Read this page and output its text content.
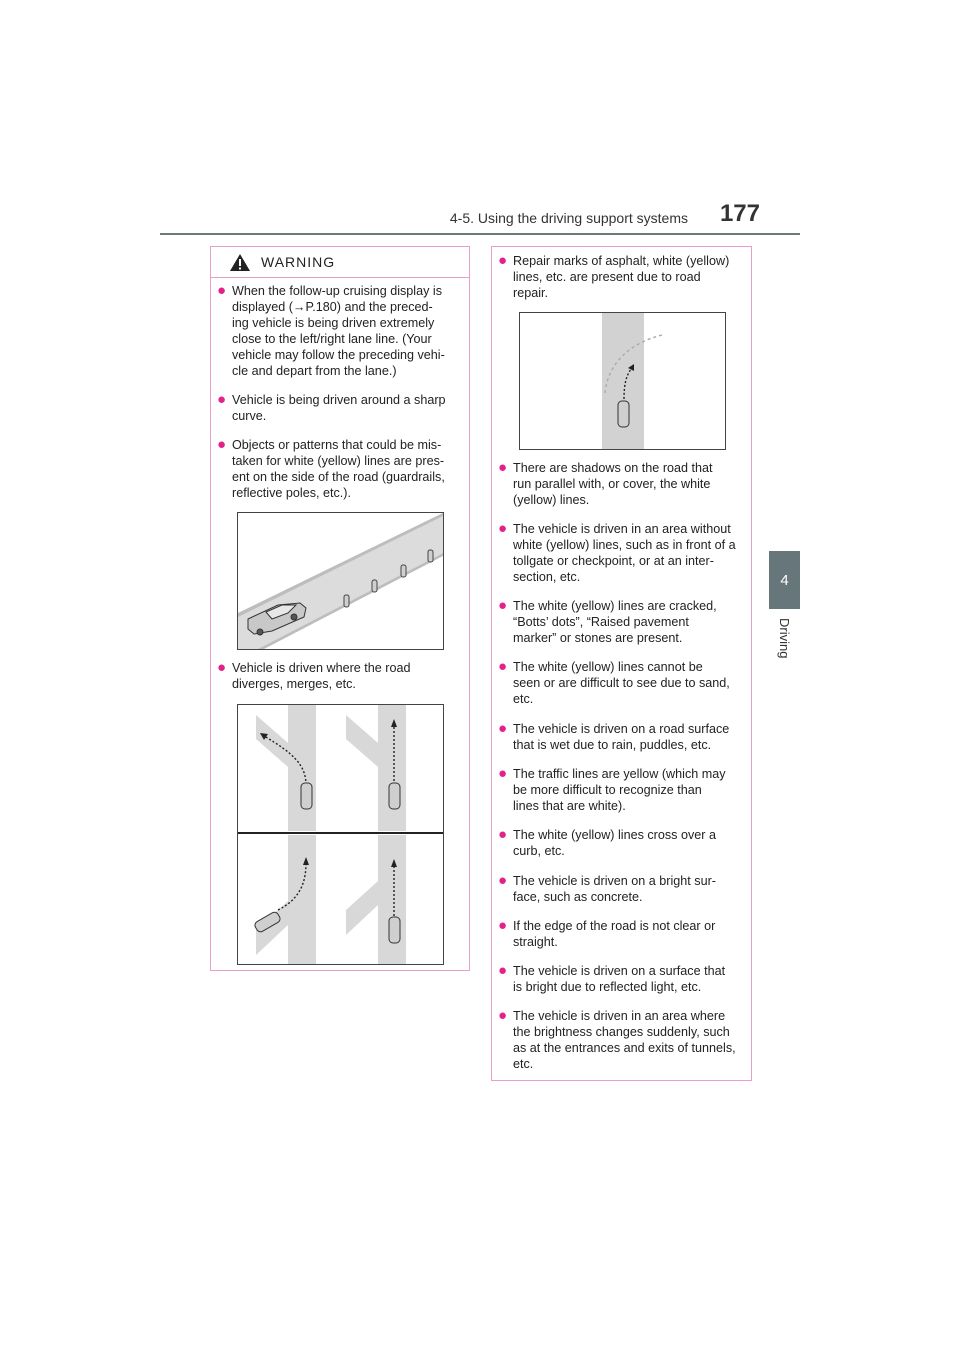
4-5. Using the driving support systems 177
4
Driving
WARNING
● When the follow-up cruising display is
displayed (→P.180) and the preced-
ing vehicle is being driven extremely
close to the left/right lane line. (Your
vehicle may follow the preceding vehi-
cle and depart from the lane.)
● Vehicle is being driven around a sharp
curve.
● Objects or patterns that could be mis-
taken for white (yellow) lines are pres-
ent on the side of the road (guardrails,
reflective poles, etc.).
● Vehicle is driven where the road
diverges, merges, etc.
● Repair marks of asphalt, white (yellow)
lines, etc. are present due to road
repair.
● There are shadows on the road that
run parallel with, or cover, the white
(yellow) lines.
● The vehicle is driven in an area without
white (yellow) lines, such as in front of a
tollgate or checkpoint, or at an inter-
section, etc.
● The white (yellow) lines are cracked,
“Botts’ dots”, “Raised pavement
marker” or stones are present.
● The white (yellow) lines cannot be
seen or are difficult to see due to sand,
etc.
● The vehicle is driven on a road surface
that is wet due to rain, puddles, etc.
● The traffic lines are yellow (which may
be more difficult to recognize than
lines that are white).
● The white (yellow) lines cross over a
curb, etc.
● The vehicle is driven on a bright sur-
face, such as concrete.
● If the edge of the road is not clear or
straight.
● The vehicle is driven on a surface that
is bright due to reflected light, etc.
● The vehicle is driven in an area where
the brightness changes suddenly, such
as at the entrances and exits of tunnels,
etc.
